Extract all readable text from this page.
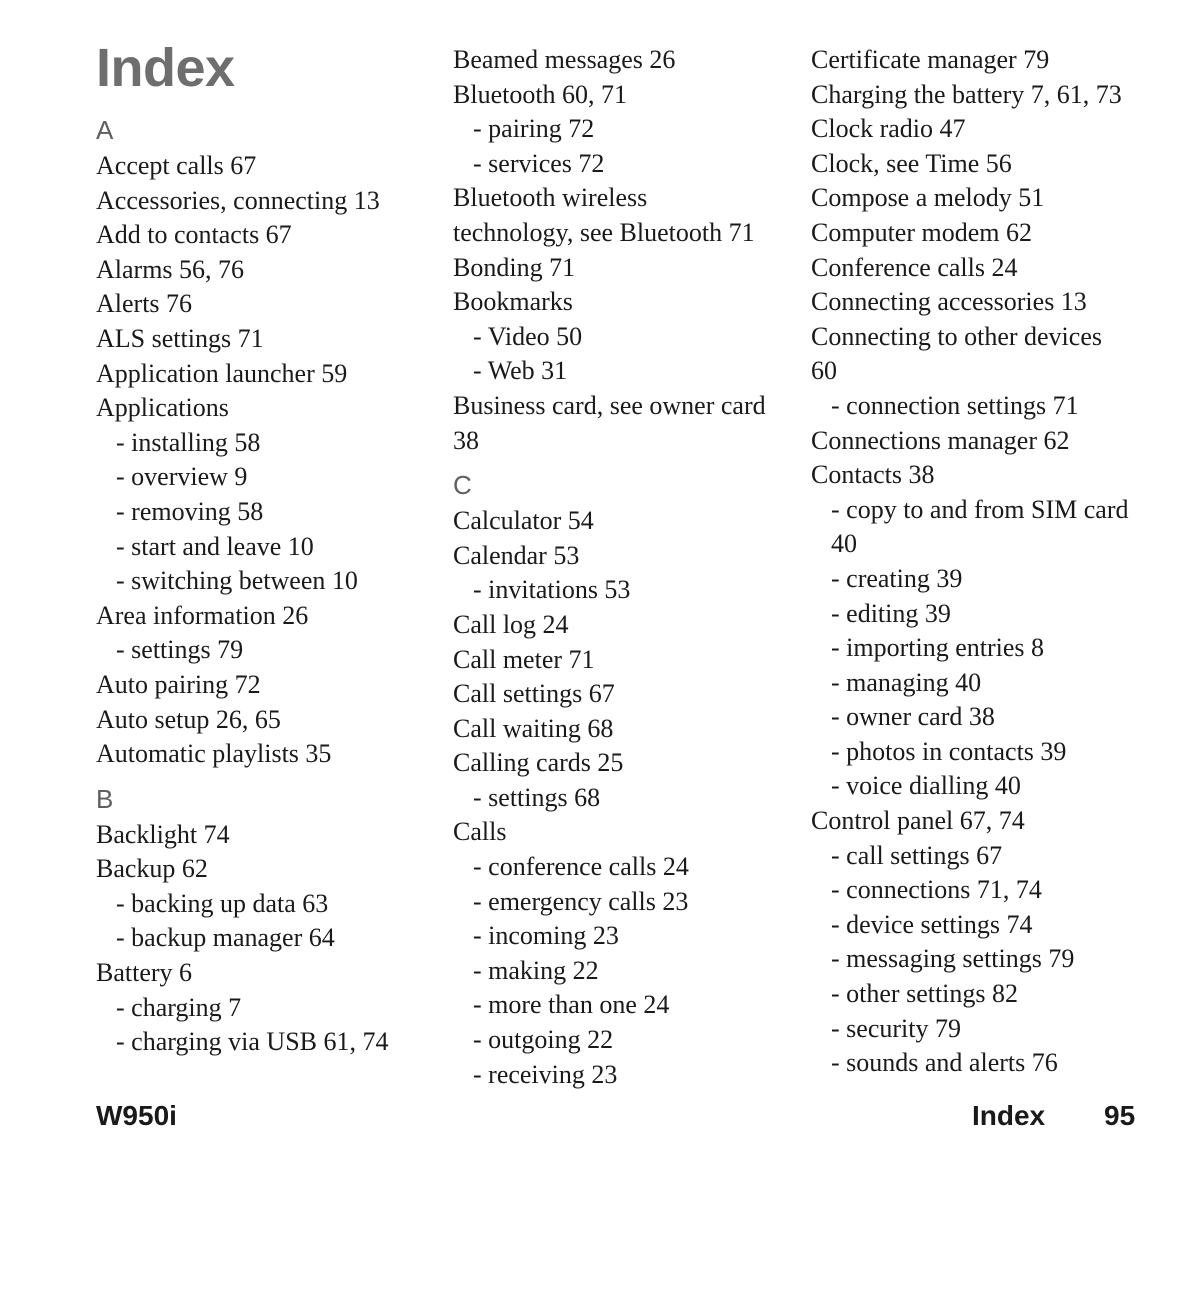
Index
A
Accept calls 67
Accessories, connecting 13
Add to contacts 67
Alarms 56, 76
Alerts 76
ALS settings 71
Application launcher 59
Applications
- installing 58
- overview 9
- removing 58
- start and leave 10
- switching between 10
Area information 26
- settings 79
Auto pairing 72
Auto setup 26, 65
Automatic playlists 35
B
Backlight 74
Backup 62
- backing up data 63
- backup manager 64
Battery 6
- charging 7
- charging via USB 61, 74
Beamed messages 26
Bluetooth 60, 71
- pairing 72
- services 72
Bluetooth wireless
technology, see Bluetooth 71
Bonding 71
Bookmarks
- Video 50
- Web 31
Business card, see owner card
38
C
Calculator 54
Calendar 53
- invitations 53
Call log 24
Call meter 71
Call settings 67
Call waiting 68
Calling cards 25
- settings 68
Calls
- conference calls 24
- emergency calls 23
- incoming 23
- making 22
- more than one 24
- outgoing 22
- receiving 23
Certificate manager 79
Charging the battery 7, 61, 73
Clock radio 47
Clock, see Time 56
Compose a melody 51
Computer modem 62
Conference calls 24
Connecting accessories 13
Connecting to other devices
60
- connection settings 71
Connections manager 62
Contacts 38
- copy to and from SIM card
40
- creating 39
- editing 39
- importing entries 8
- managing 40
- owner card 38
- photos in contacts 39
- voice dialling 40
Control panel 67, 74
- call settings 67
- connections 71, 74
- device settings 74
- messaging settings 79
- other settings 82
- security 79
- sounds and alerts 76
W950i	Index 95
